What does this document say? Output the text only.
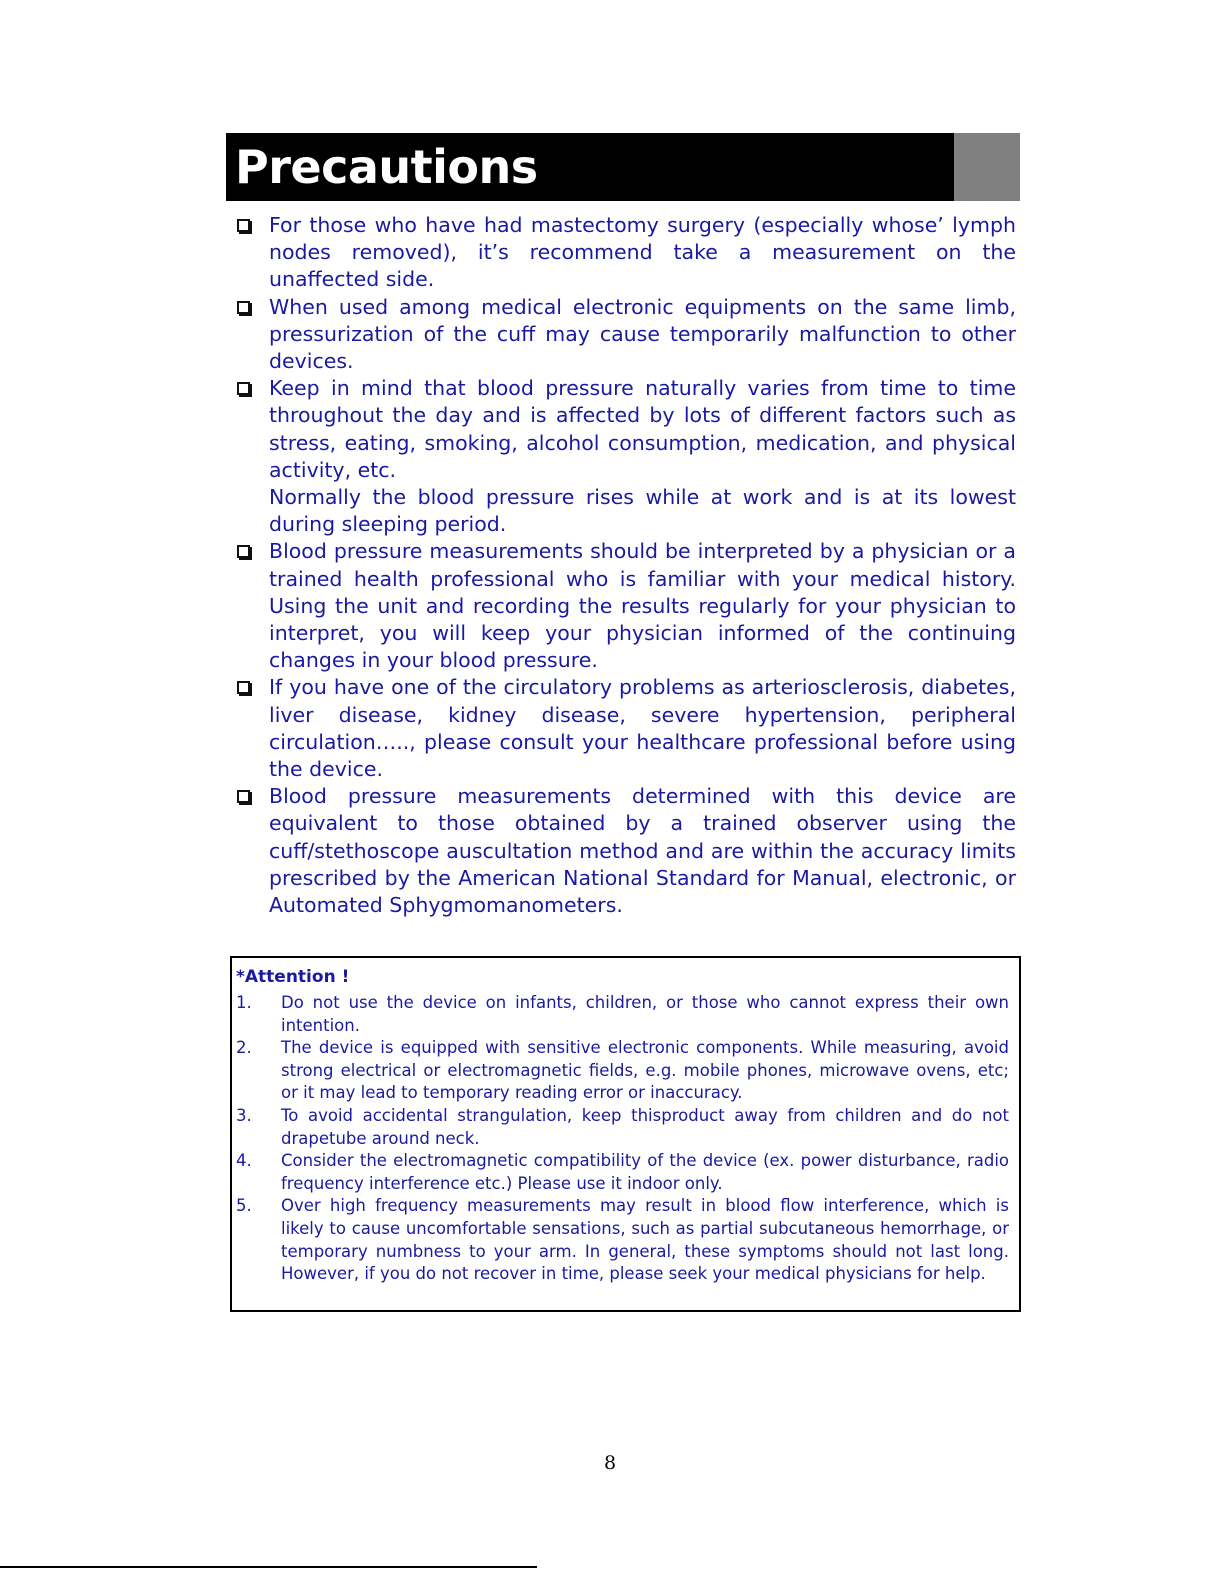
Precautions
For those who have had mastectomy surgery (especially whose’ lymph nodes removed), it’s recommend take a measurement on the unaffected side.
When used among medical electronic equipments on the same limb, pressurization of the cuff may cause temporarily malfunction to other devices.
Keep in mind that blood pressure naturally varies from time to time throughout the day and is affected by lots of different factors such as stress, eating, smoking, alcohol consumption, medication, and physical activity, etc.
Normally the blood pressure rises while at work and is at its lowest during sleeping period.
Blood pressure measurements should be interpreted by a physician or a trained health professional who is familiar with your medical history. Using the unit and recording the results regularly for your physician to interpret, you will keep your physician informed of the continuing changes in your blood pressure.
If you have one of the circulatory problems as arteriosclerosis, diabetes, liver disease, kidney disease, severe hypertension, peripheral circulation….., please consult your healthcare professional before using the device.
Blood pressure measurements determined with this device are equivalent to those obtained by a trained observer using the cuff/stethoscope auscultation method and are within the accuracy limits prescribed by the American National Standard for Manual, electronic, or Automated Sphygmomanometers.
*Attention !
1. Do not use the device on infants, children, or those who cannot express their own intention.
2. The device is equipped with sensitive electronic components. While measuring, avoid strong electrical or electromagnetic fields, e.g. mobile phones, microwave ovens, etc; or it may lead to temporary reading error or inaccuracy.
3. To avoid accidental strangulation, keep thisproduct away from children and do not drapetube around neck.
4. Consider the electromagnetic compatibility of the device (ex. power disturbance, radio frequency interference etc.) Please use it indoor only.
5. Over high frequency measurements may result in blood flow interference, which is likely to cause uncomfortable sensations, such as partial subcutaneous hemorrhage, or temporary numbness to your arm. In general, these symptoms should not last long. However, if you do not recover in time, please seek your medical physicians for help.
8
